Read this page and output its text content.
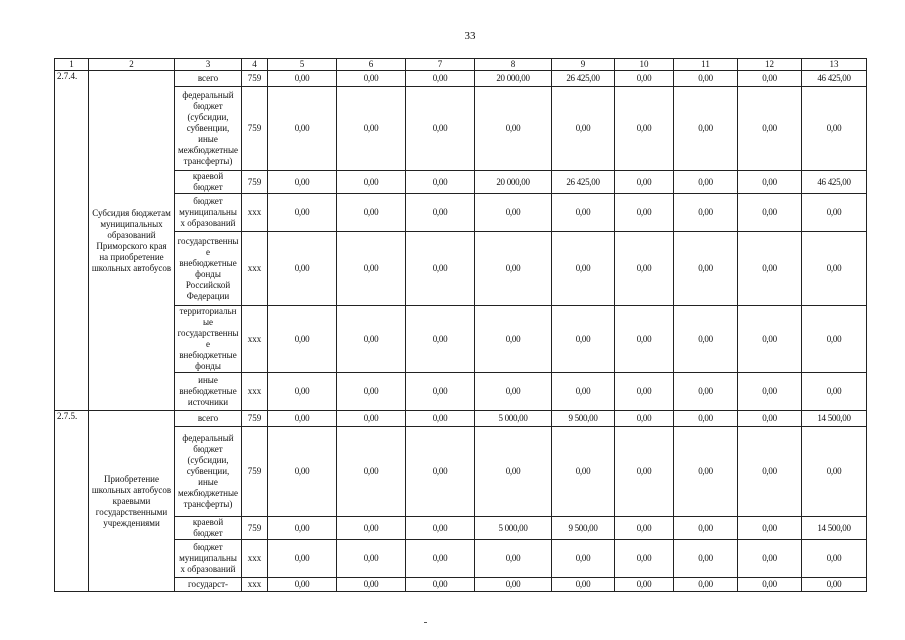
33
1	2	3	4	5	6	7	8	9	10	11	12	13
2.7.4.	Субсидия бюджетам муниципальных образований Приморского края на приобретение школьных автобусов	всего	759	0,00	0,00	0,00	20 000,00	26 425,00	0,00	0,00	0,00	46 425,00
		федеральный бюджет (субсидии, субвенции, иные межбюджетные трансферты)	759	0,00	0,00	0,00	0,00	0,00	0,00	0,00	0,00	0,00
		краевой бюджет	759	0,00	0,00	0,00	20 000,00	26 425,00	0,00	0,00	0,00	46 425,00
		бюджет муниципальных образований	ххх	0,00	0,00	0,00	0,00	0,00	0,00	0,00	0,00	0,00
		государственные внебюджетные фонды Российской Федерации	ххх	0,00	0,00	0,00	0,00	0,00	0,00	0,00	0,00	0,00
		территориальные государственные внебюджетные фонды	ххх	0,00	0,00	0,00	0,00	0,00	0,00	0,00	0,00	0,00
		иные внебюджетные источники	ххх	0,00	0,00	0,00	0,00	0,00	0,00	0,00	0,00	0,00
2.7.5.	Приобретение школьных автобусов краевыми государственными учреждениями	всего	759	0,00	0,00	0,00	5 000,00	9 500,00	0,00	0,00	0,00	14 500,00
		федеральный бюджет (субсидии, субвенции, иные межбюджетные трансферты)	759	0,00	0,00	0,00	0,00	0,00	0,00	0,00	0,00	0,00
		краевой бюджет	759	0,00	0,00	0,00	5 000,00	9 500,00	0,00	0,00	0,00	14 500,00
		бюджет муниципальных образований	ххх	0,00	0,00	0,00	0,00	0,00	0,00	0,00	0,00	0,00
		государст-	ххх	0,00	0,00	0,00	0,00	0,00	0,00	0,00	0,00	0,00
